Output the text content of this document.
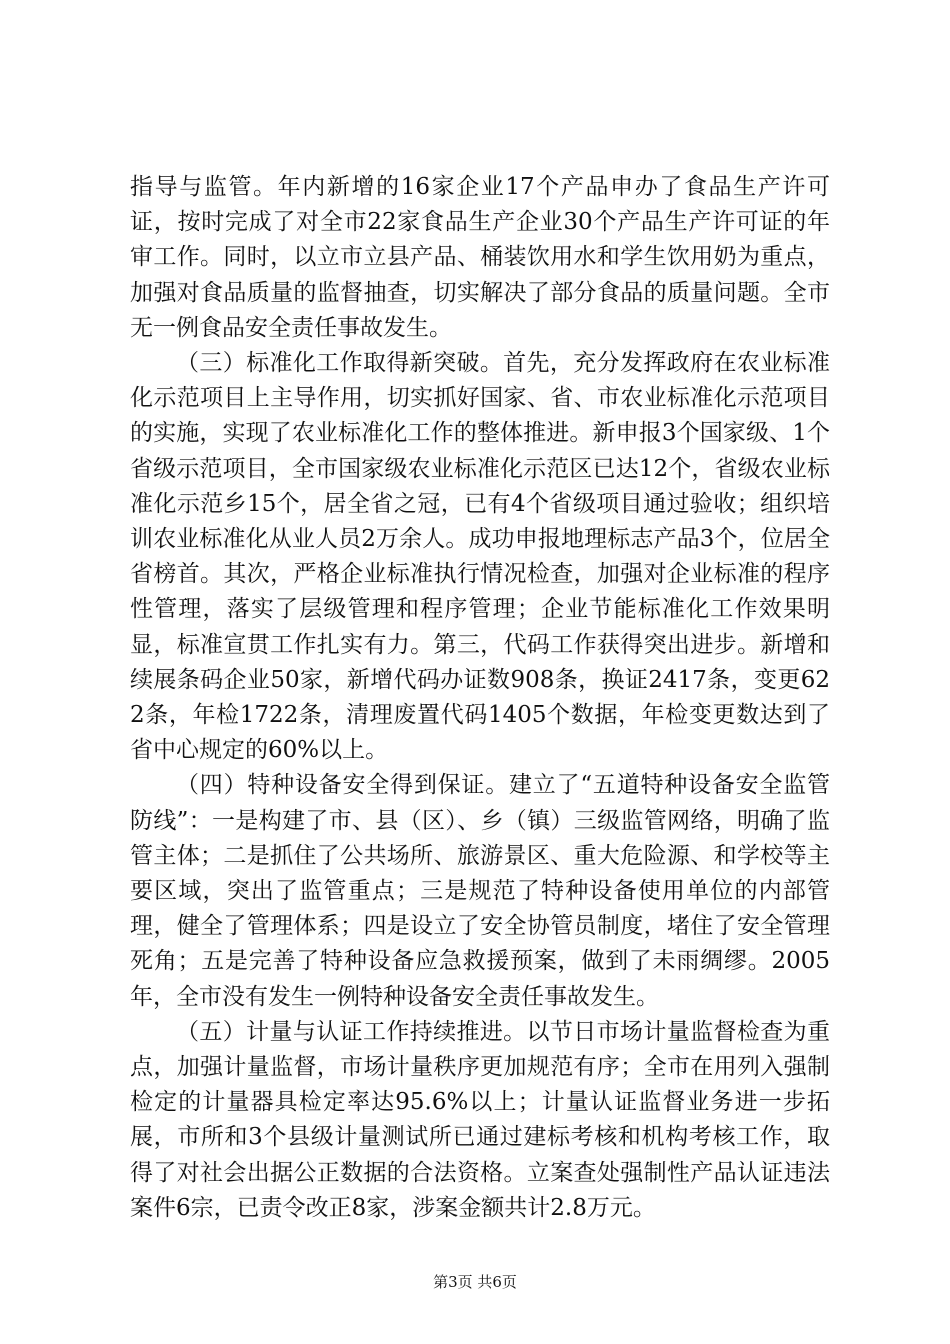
指导与监管。年内新增的16家企业17个产品申办了食品生产许可证，按时完成了对全市22家食品生产企业30个产品生产许可证的年审工作。同时，以立市立县产品、桶装饮用水和学生饮用奶为重点，加强对食品质量的监督抽查，切实解决了部分食品的质量问题。全市无一例食品安全责任事故发生。

（三）标准化工作取得新突破。首先，充分发挥政府在农业标准化示范项目上主导作用，切实抓好国家、省、市农业标准化示范项目的实施，实现了农业标准化工作的整体推进。新申报3个国家级、1个省级示范项目，全市国家级农业标准化示范区已达12个，省级农业标准化示范乡15个，居全省之冠，已有4个省级项目通过验收；组织培训农业标准化从业人员2万余人。成功申报地理标志产品3个，位居全省榜首。其次，严格企业标准执行情况检查，加强对企业标准的程序性管理，落实了层级管理和程序管理；企业节能标准化工作效果明显，标准宣贯工作扎实有力。第三，代码工作获得突出进步。新增和续展条码企业50家，新增代码办证数908条，换证2417条，变更622条，年检1722条，清理废置代码1405个数据，年检变更数达到了省中心规定的60%以上。

（四）特种设备安全得到保证。建立了“五道特种设备安全监管防线”：一是构建了市、县（区）、乡（镇）三级监管网络，明确了监管主体；二是抓住了公共场所、旅游景区、重大危险源、和学校等主要区域，突出了监管重点；三是规范了特种设备使用单位的内部管理，健全了管理体系；四是设立了安全协管员制度，堵住了安全管理死角；五是完善了特种设备应急救援预案，做到了未雨绸缪。2005年，全市没有发生一例特种设备安全责任事故发生。

（五）计量与认证工作持续推进。以节日市场计量监督检查为重点，加强计量监督，市场计量秩序更加规范有序；全市在用列入强制检定的计量器具检定率达95.6%以上；计量认证监督业务进一步拓展，市所和3个县级计量测试所已通过建标考核和机构考核工作，取得了对社会出据公正数据的合法资格。立案查处强制性产品认证违法案件6宗，已责令改正8家，涉案金额共计2.8万元。

第3页 共6页
